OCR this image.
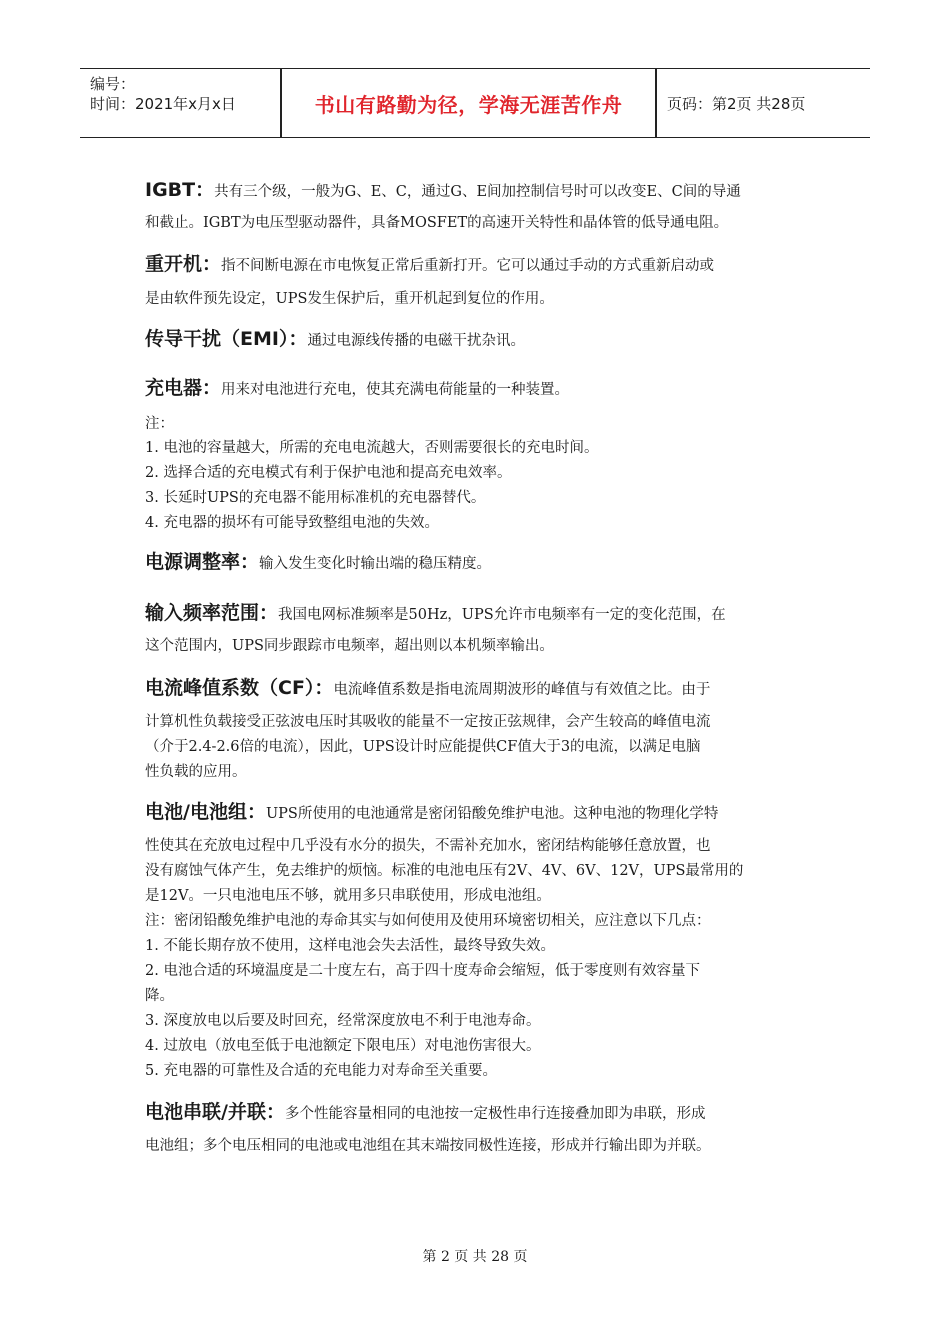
编号：
时间：2021年x月x日	书山有路勤为径，学海无涯苦作舟	页码：第2页 共28页
IGBT：共有三个级，一般为G、E、C，通过G、E间加控制信号时可以改变E、C间的导通
和截止。IGBT为电压型驱动器件，具备MOSFET的高速开关特性和晶体管的低导通电阻。
重开机：指不间断电源在市电恢复正常后重新打开。它可以通过手动的方式重新启动或
是由软件预先设定，UPS发生保护后，重开机起到复位的作用。
传导干扰（EMI）：通过电源线传播的电磁干扰杂讯。
充电器：用来对电池进行充电，使其充满电荷能量的一种装置。
注：
1. 电池的容量越大，所需的充电电流越大，否则需要很长的充电时间。
2. 选择合适的充电模式有利于保护电池和提高充电效率。
3. 长延时UPS的充电器不能用标准机的充电器替代。
4. 充电器的损坏有可能导致整组电池的失效。
电源调整率：输入发生变化时输出端的稳压精度。
输入频率范围：我国电网标准频率是50Hz，UPS允许市电频率有一定的变化范围，在
这个范围内，UPS同步跟踪市电频率，超出则以本机频率输出。
电流峰值系数（CF）：电流峰值系数是指电流周期波形的峰值与有效值之比。由于
计算机性负载接受正弦波电压时其吸收的能量不一定按正弦规律，会产生较高的峰值电流
（介于2.4-2.6倍的电流），因此，UPS设计时应能提供CF值大于3的电流，以满足电脑
性负载的应用。
电池/电池组：UPS所使用的电池通常是密闭铅酸免维护电池。这种电池的物理化学特
性使其在充放电过程中几乎没有水分的损失，不需补充加水，密闭结构能够任意放置，也
没有腐蚀气体产生，免去维护的烦恼。标准的电池电压有2V、4V、6V、12V，UPS最常用的
是12V。一只电池电压不够，就用多只串联使用，形成电池组。
注：密闭铅酸免维护电池的寿命其实与如何使用及使用环境密切相关，应注意以下几点：
1. 不能长期存放不使用，这样电池会失去活性，最终导致失效。
2. 电池合适的环境温度是二十度左右，高于四十度寿命会缩短，低于零度则有效容量下
降。
3. 深度放电以后要及时回充，经常深度放电不利于电池寿命。
4. 过放电（放电至低于电池额定下限电压）对电池伤害很大。
5. 充电器的可靠性及合适的充电能力对寿命至关重要。
电池串联/并联：多个性能容量相同的电池按一定极性串行连接叠加即为串联，形成
电池组；多个电压相同的电池或电池组在其末端按同极性连接，形成并行输出即为并联。
第 2 页 共 28 页
